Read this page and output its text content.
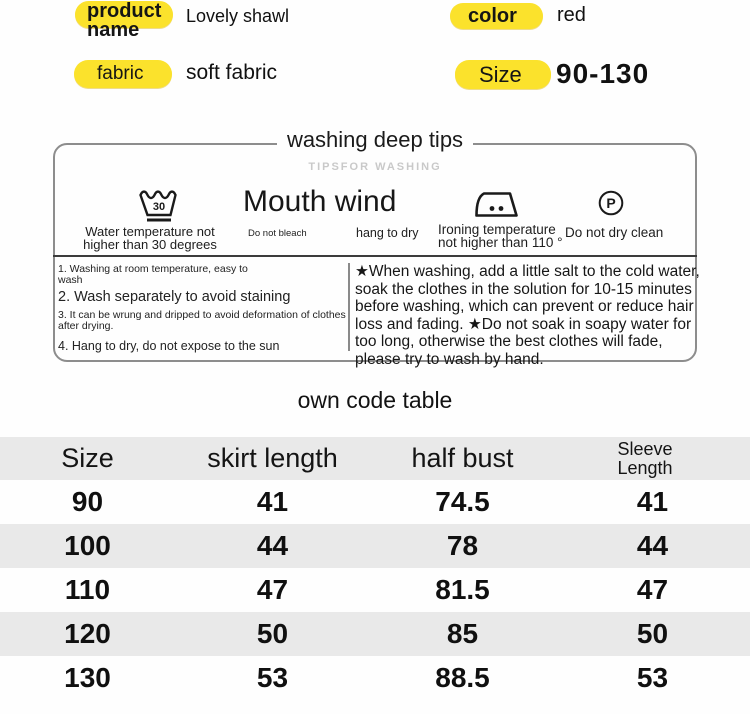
product name
Lovely shawl	color red
fabric soft fabric	Size 90-130
washing deep tips
TIPSFOR WASHING
30	Mouth wind	P
Water temperature not higher than 30 degrees
Do not bleach	hang to dry Ironing temperature not higher than 110 °
Do not dry clean
1. Washing at room temperature, easy to wash
2. Wash separately to avoid staining
3. It can be wrung and dripped to avoid deformation of clothes after drying.
4. Hang to dry, do not expose to the sun
★When washing, add a little salt to the cold water, soak the clothes in the solution for 10-15 minutes before washing, which can prevent or reduce hair loss and fading. ★Do not soak in soapy water for too long, otherwise the best clothes will fade, please try to wash by hand.
own code table
Size	skirt length	half bust	Sleeve Length
90	41	74.5	41
100	44	78	44
110	47	81.5	47
120	50	85	50
130	53	88.5	53
